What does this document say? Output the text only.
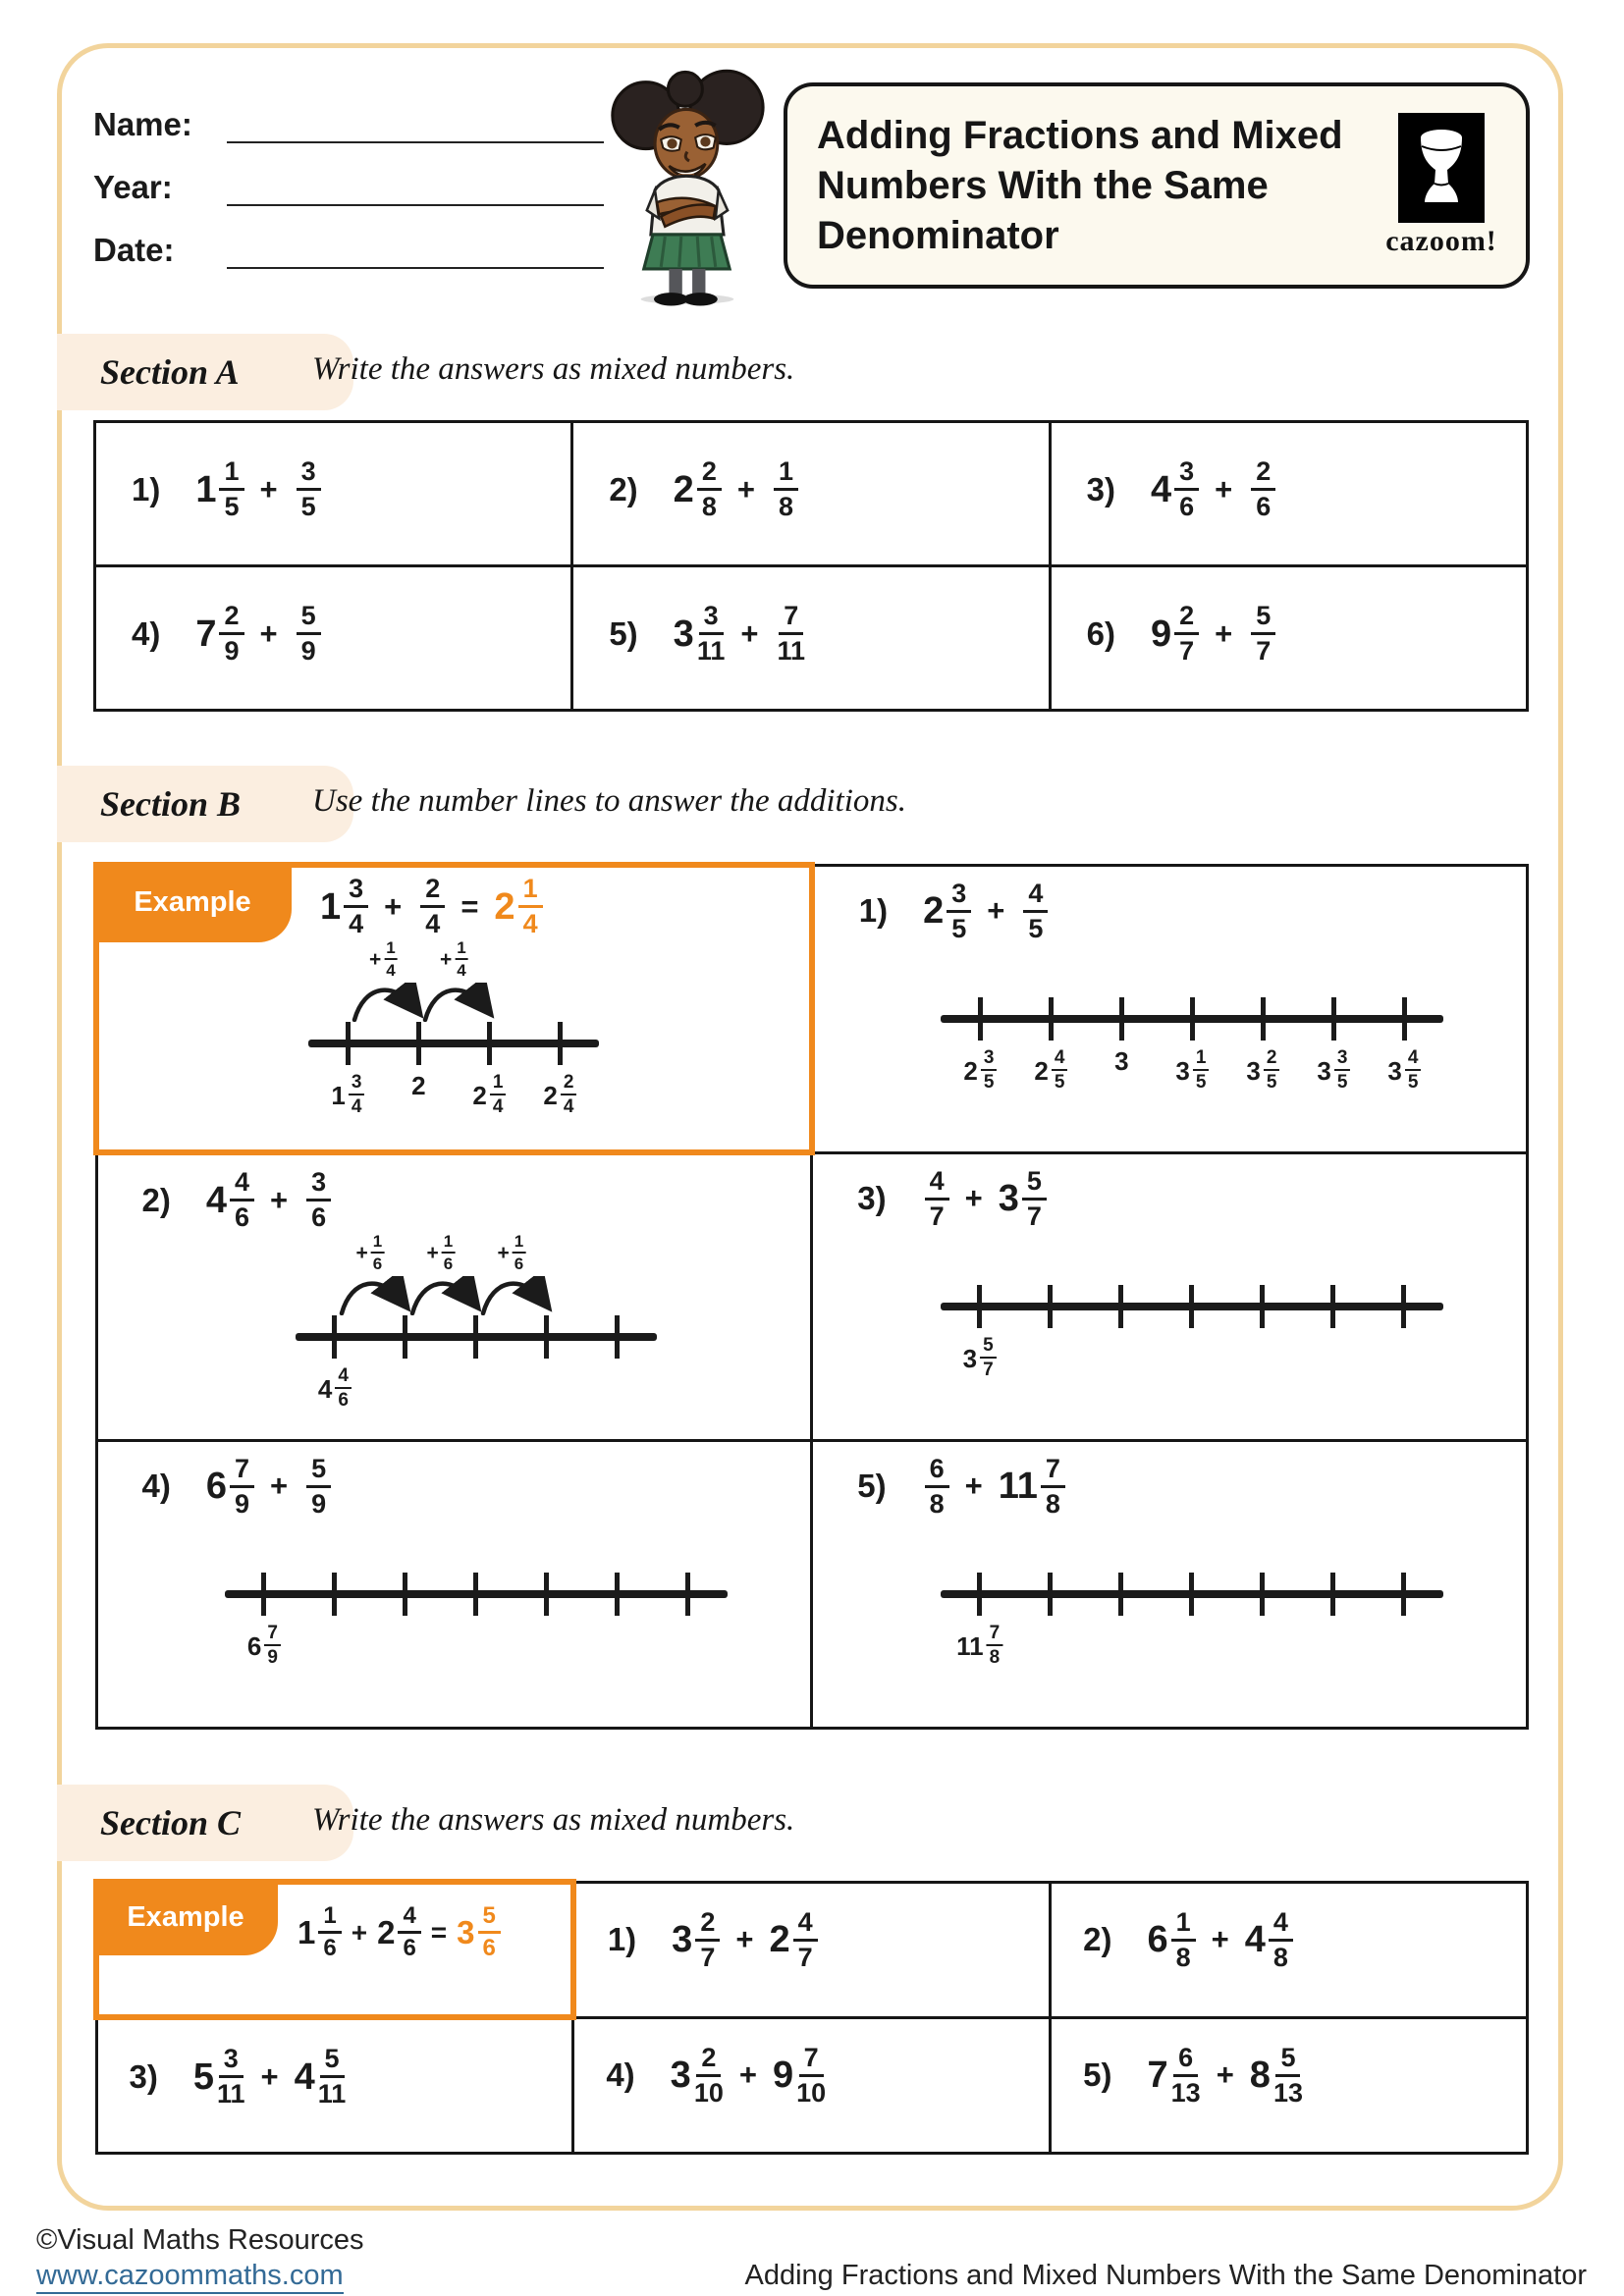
Name:
Year:
Date:
Adding Fractions and Mixed Numbers With the Same Denominator	cazoom!
Section A Write the answers as mixed numbers.
1) $1 \frac{1}{5} + \frac{3}{5}$	2) $2 \frac{2}{8} + \frac{1}{8}$	3) $4 \frac{3}{6} + \frac{2}{6}$

4) $7 \frac{2}{9} + \frac{5}{9}$	5) $3 \frac{3}{11} + \frac{7}{11}$	6) $9 \frac{2}{7} + \frac{5}{7}$
Section B Use the number lines to answer the additions.
Example	$1 \frac{3}{4} + \frac{2}{4} = 2 \frac{1}{4}$
+ $\frac{1}{4} + \frac{1}{4}$
$1 \frac{3}{4} 2$ $2 \frac{1}{4} 2 \frac{2}{4}$

1) $2 \frac{3}{5} + \frac{4}{5}$
$2 \frac{3}{5} 2 \frac{4}{5} 3$ $3 \frac{1}{5} 3 \frac{2}{5} 3 \frac{3}{5} 3 \frac{4}{5}$

2) $4 \frac{4}{6} + \frac{3}{6}$
+ $\frac{1}{6} + \frac{1}{6} + \frac{1}{6}$
$4 \frac{4}{6}$

$3) \frac{4}{7} + 3 \frac{5}{7}$
$3 \frac{5}{7}$

4) $6 \frac{7}{9} + \frac{5}{9}$
$6 \frac{7}{9}$

$5) \frac{6}{8} + 11 \frac{7}{8}$
$11 \frac{7}{8}$
Section C Write the answers as mixed numbers.
Example	$1 \frac{1}{6} + 2 \frac{4}{6} = 3 \frac{5}{6}$	1) $3 \frac{2}{7} + 2 \frac{4}{7}$	2) $6 \frac{1}{8} + 4 \frac{4}{8}$

3) $5 \frac{3}{11} + 4 \frac{5}{11}$	4) $3 \frac{2}{10} + 9 \frac{7}{10}$	5) $7 \frac{6}{13} + 8 \frac{5}{13}$
©Visual Maths Resources
www.cazoommaths.com	Adding Fractions and Mixed Numbers With the Same Denominator
